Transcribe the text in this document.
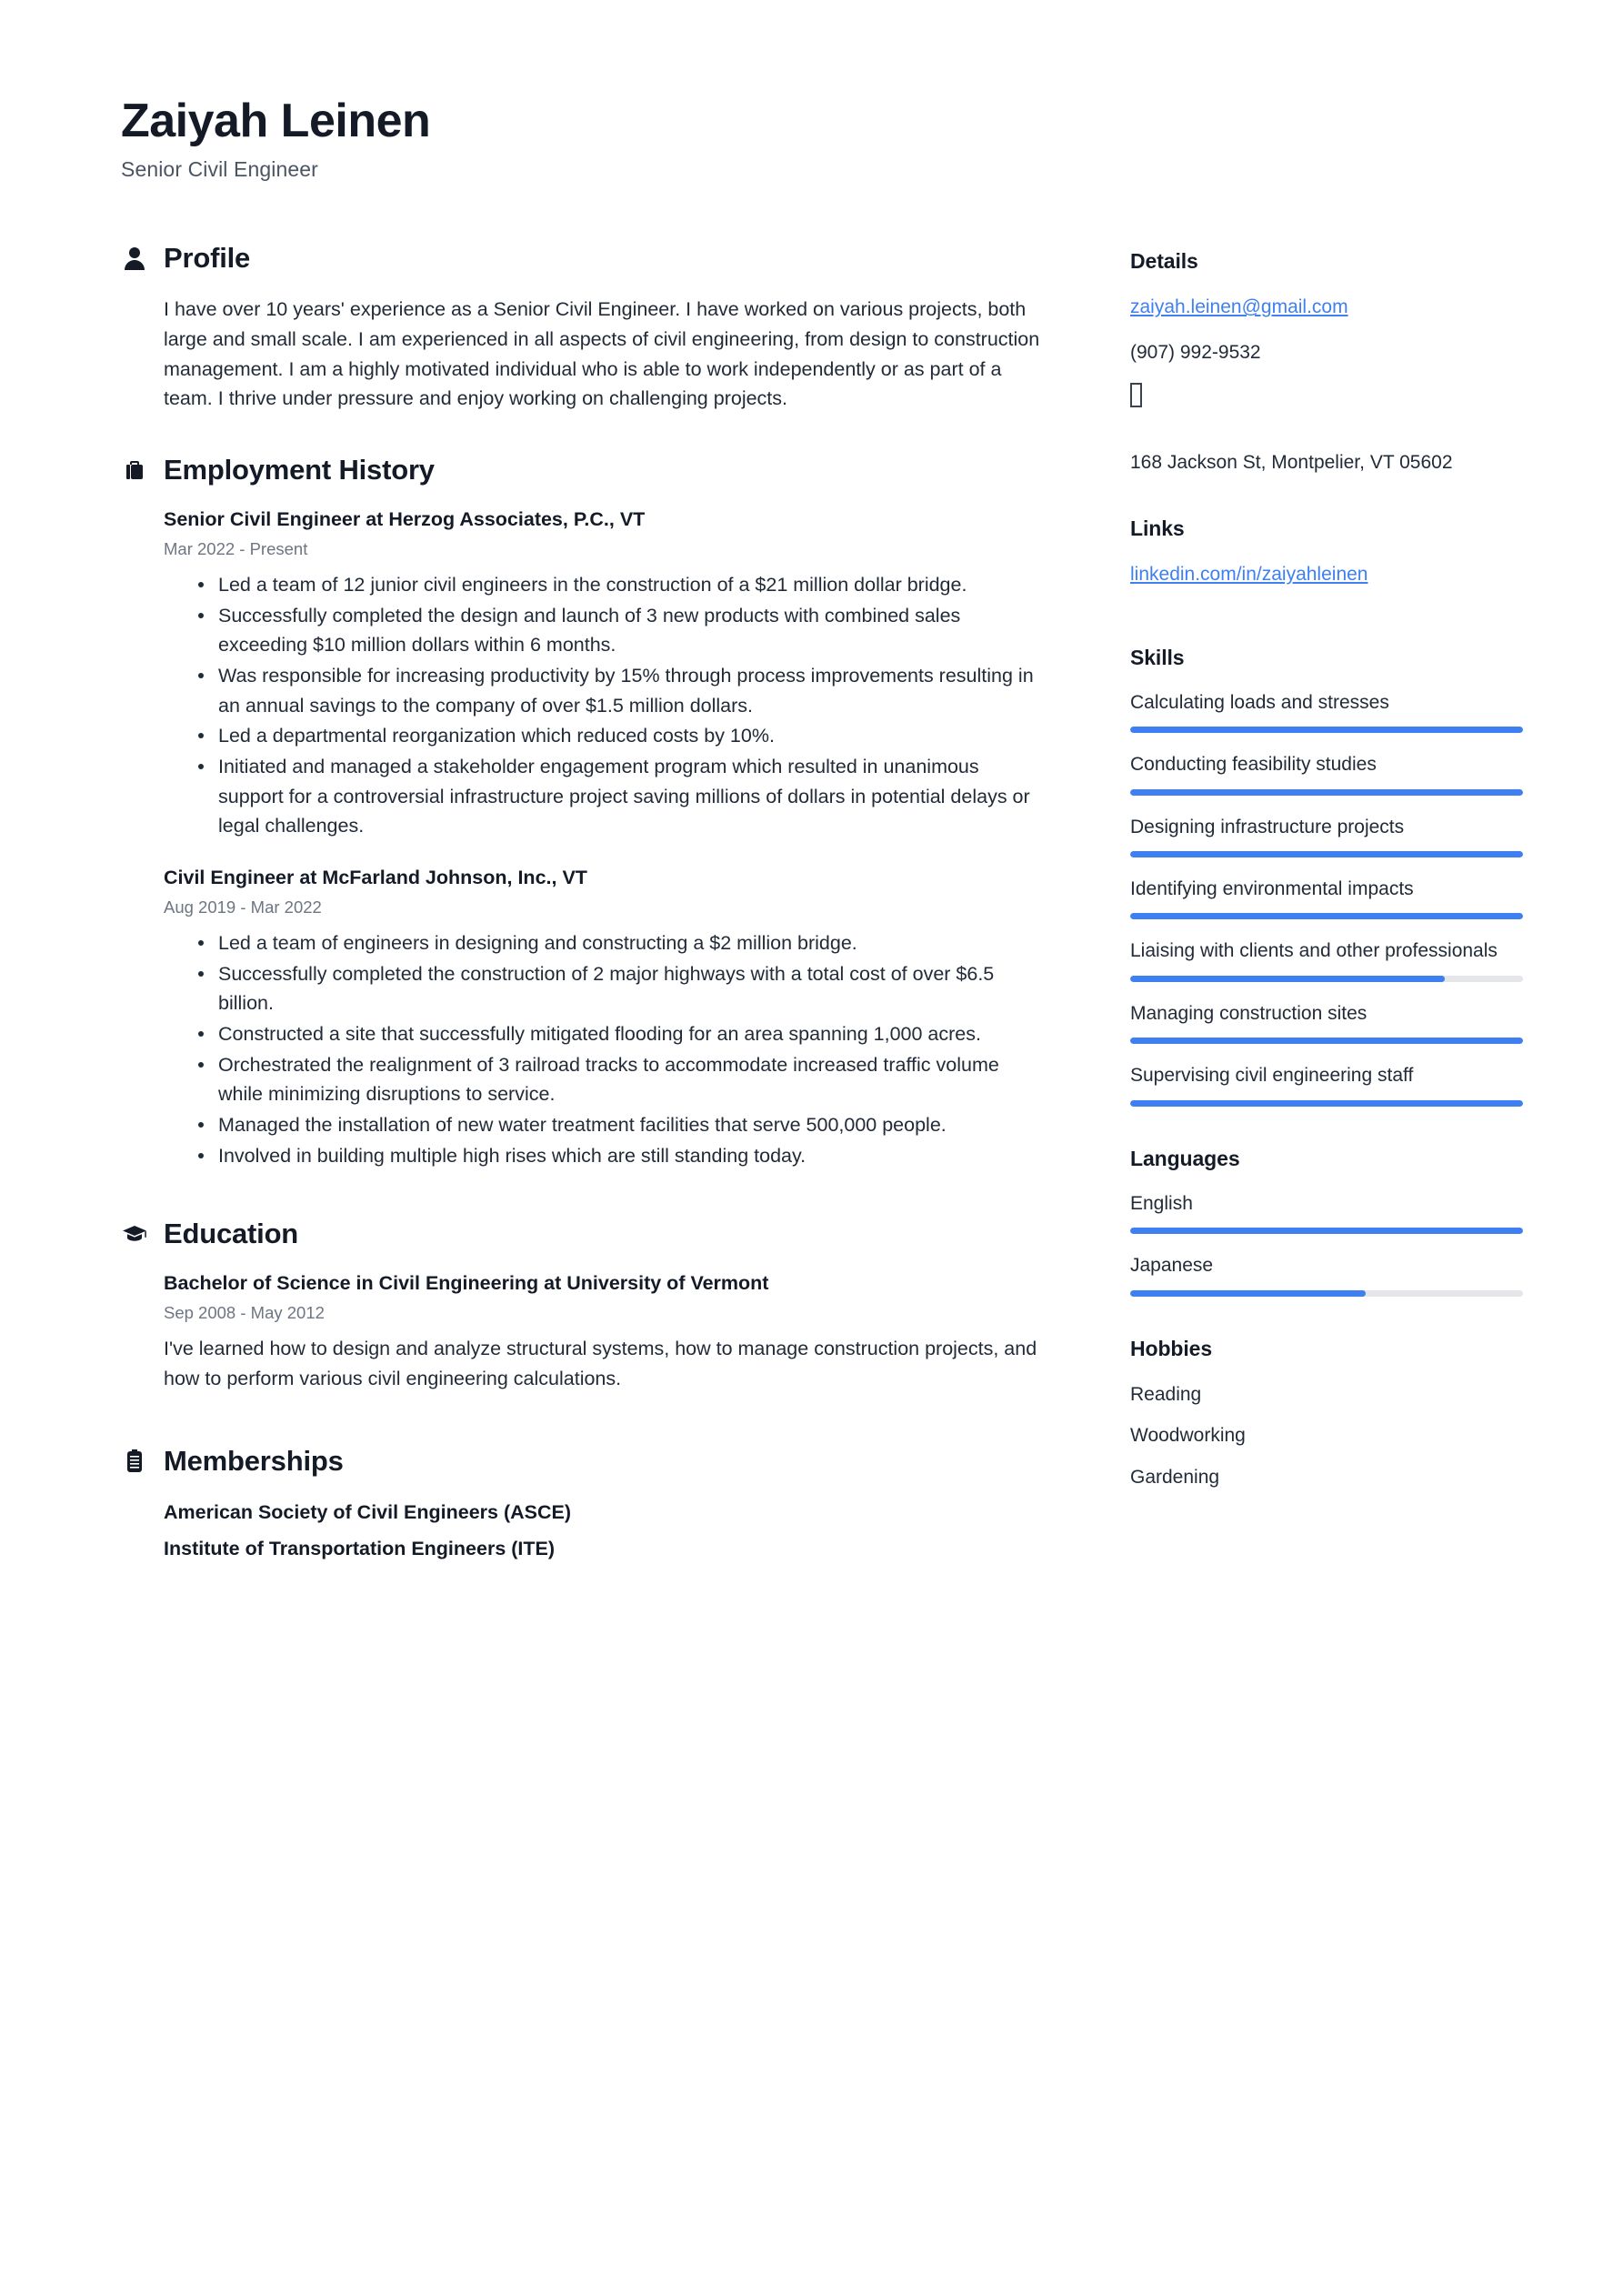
Zaiyah Leinen
Senior Civil Engineer
Profile

I have over 10 years' experience as a Senior Civil Engineer. I have worked on various projects, both large and small scale. I am experienced in all aspects of civil engineering, from design to construction management. I am a highly motivated individual who is able to work independently or as part of a team. I thrive under pressure and enjoy working on challenging projects.

Employment History
Senior Civil Engineer at Herzog Associates, P.C., VT
Mar 2022 - Present
Led a team of 12 junior civil engineers in the construction of a $21 million dollar bridge.
Successfully completed the design and launch of 3 new products with combined sales exceeding $10 million dollars within 6 months.
Was responsible for increasing productivity by 15% through process improvements resulting in an annual savings to the company of over $1.5 million dollars.
Led a departmental reorganization which reduced costs by 10%.
Initiated and managed a stakeholder engagement program which resulted in unanimous support for a controversial infrastructure project saving millions of dollars in potential delays or legal challenges.
Civil Engineer at McFarland Johnson, Inc., VT
Aug 2019 - Mar 2022
Led a team of engineers in designing and constructing a $2 million bridge.
Successfully completed the construction of 2 major highways with a total cost of over $6.5 billion.
Constructed a site that successfully mitigated flooding for an area spanning 1,000 acres.
Orchestrated the realignment of 3 railroad tracks to accommodate increased traffic volume while minimizing disruptions to service.
Managed the installation of new water treatment facilities that serve 500,000 people.
Involved in building multiple high rises which are still standing today.
Education
Bachelor of Science in Civil Engineering at University of Vermont
Sep 2008 - May 2012
I've learned how to design and analyze structural systems, how to manage construction projects, and how to perform various civil engineering calculations.
Memberships
American Society of Civil Engineers (ASCE)
Institute of Transportation Engineers (ITE)
Details
zaiyah.leinen@gmail.com
(907) 992-9532
168 Jackson St, Montpelier, VT 05602
Links
linkedin.com/in/zaiyahleinen
Skills
Calculating loads and stresses
Conducting feasibility studies
Designing infrastructure projects
Identifying environmental impacts
Liaising with clients and other professionals
Managing construction sites
Supervising civil engineering staff
Languages
English
Japanese
Hobbies
Reading
Woodworking
Gardening
